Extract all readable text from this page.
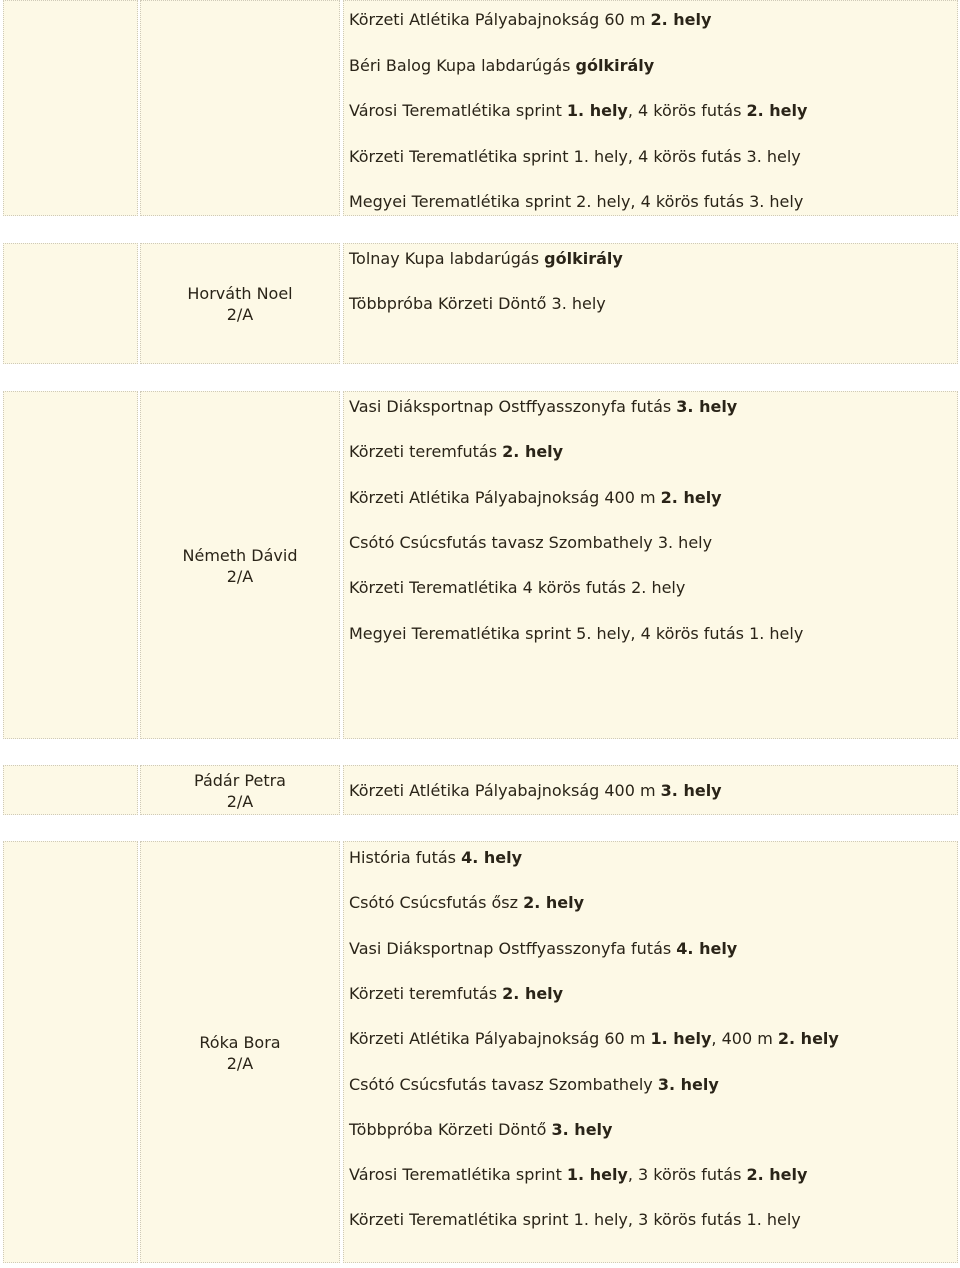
Körzeti Atlétika Pályabajnokság 60 m 2. hely
Béri Balog Kupa labdarúgás gólkirály
Városi Terematlétika sprint 1. hely, 4 körös futás 2. hely
Körzeti Terematlétika sprint 1. hely, 4 körös futás 3. hely
Megyei Terematlétika sprint 2. hely, 4 körös futás 3. hely
Horváth Noel
2/A
Tolnay Kupa labdarúgás gólkirály
Többpróba Körzeti Döntő 3. hely
Németh Dávid
2/A
Vasi Diáksportnap Ostffyasszonyfa futás 3. hely
Körzeti teremfutás 2. hely
Körzeti Atlétika Pályabajnokság 400 m 2. hely
Csótó Csúcsfutás tavasz Szombathely 3. hely
Körzeti Terematlétika 4 körös futás 2. hely
Megyei Terematlétika sprint 5. hely, 4 körös futás 1. hely
Pádár Petra
2/A
Körzeti Atlétika Pályabajnokság 400 m 3. hely
Róka Bora
2/A
História futás 4. hely
Csótó Csúcsfutás ősz 2. hely
Vasi Diáksportnap Ostffyasszonyfa futás 4. hely
Körzeti teremfutás 2. hely
Körzeti Atlétika Pályabajnokság 60 m 1. hely, 400 m 2. hely
Csótó Csúcsfutás tavasz Szombathely 3. hely
Többpróba Körzeti Döntő 3. hely
Városi Terematlétika sprint 1. hely, 3 körös futás 2. hely
Körzeti Terematlétika sprint 1. hely, 3 körös futás 1. hely
